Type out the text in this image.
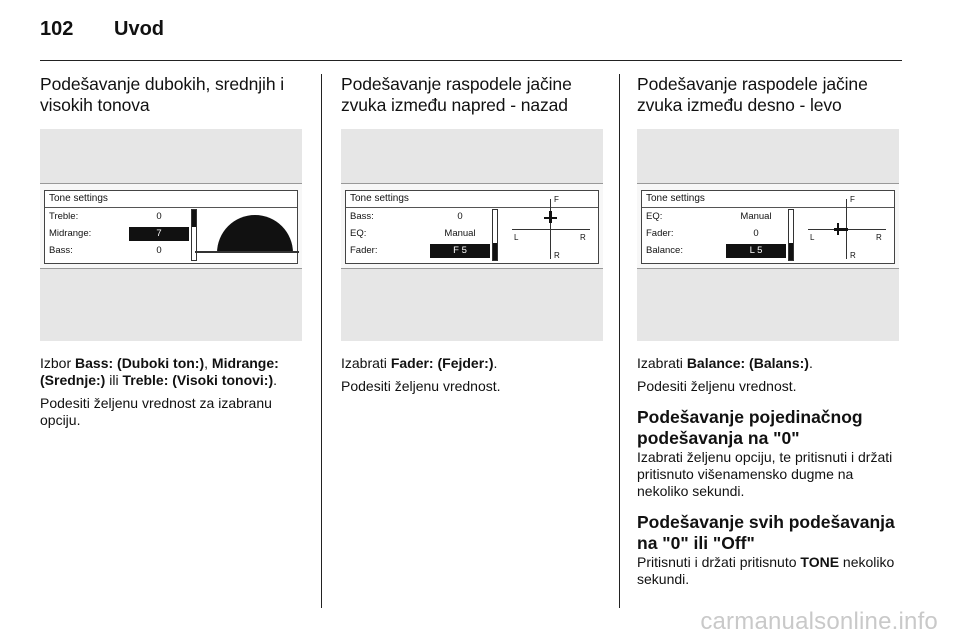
102 Uvod
Podešavanje dubokih, srednjih i visokih tonova
Tone settings
Treble:	0
Midrange:	7
Bass:	0

Izbor Bass: (Duboki ton:), Midrange: (Srednje:) ili Treble: (Visoki tonovi:).

Podesiti željenu vrednost za izabranu opciju.

Podešavanje raspodele jačine zvuka između napred - nazad
Tone settings
Bass:	0
EQ:	Manual
Fader:	F 5
F
R
L	R

Izabrati Fader: (Fejder:).

Podesiti željenu vrednost.

Podešavanje raspodele jačine zvuka između desno - levo
Tone settings
EQ:	Manual
Fader:	0
Balance:	L 5
F
R
L	R

Izabrati Balance: (Balans:).

Podesiti željenu vrednost.

Podešavanje pojedinačnog podešavanja na "0"

Izabrati željenu opciju, te pritisnuti i držati pritisnuto višenamensko dugme na nekoliko sekundi.

Podešavanje svih podešavanja na "0" ili "Off"

Pritisnuti i držati pritisnuto TONE nekoliko sekundi.

carmanualsonline.info
